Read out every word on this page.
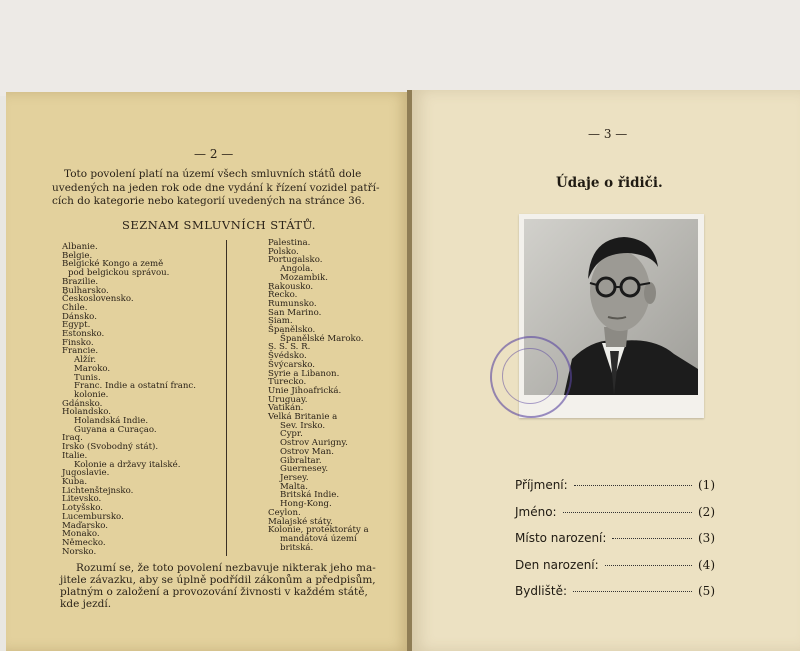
— 2 —
Toto povolení platí na území všech smluvních států dole
uvedených na jeden rok ode dne vydání k řízení vozidel patří-
cích do kategorie nebo kategorií uvedených na stránce 36.
SEZNAM SMLUVNÍCH STÁTŮ.
Albanie.
Belgie.
Belgické Kongo a země
pod belgickou správou.
Brazilie.
Bulharsko.
Československo.
Chile.
Dánsko.
Egypt.
Estonsko.
Finsko.
Francie.
Alžír.
Maroko.
Tunis.
Franc. Indie a ostatní franc.
kolonie.
Gdánsko.
Holandsko.
Holandská Indie.
Guyana a Curaçao.
Iraq.
Irsko (Svobodný stát).
Italie.
Kolonie a državy italské.
Jugoslavie.
Kuba.
Lichtenštejnsko.
Litevsko.
Lotyšsko.
Lucembursko.
Maďarsko.
Monako.
Německo.
Norsko.
Palestina.
Polsko.
Portugalsko.
Angola.
Mozambik.
Rakousko.
Řecko.
Rumunsko.
San Marino.
Siam.
Španělsko.
Španělské Maroko.
S. S. S. R.
Švédsko.
Švýcarsko.
Syrie a Libanon.
Turecko.
Unie Jihoafrická.
Uruguay.
Vatikán.
Velká Britanie a
Sev. Irsko.
Cypr.
Ostrov Aurigny.
Ostrov Man.
Gibraltar.
Guernesey.
Jersey.
Malta.
Britská Indie.
Hong-Kong.
Ceylon.
Malajské státy.
Kolonie, protektoráty a
mandátová území
britská.
Rozumí se, že toto povolení nezbavuje nikterak jeho ma-
jitele závazku, aby se úplně podřídil zákonům a předpisům,
platným o založení a provozování živnosti v každém státě,
kde jezdí.
— 3 —
Údaje o řidiči.
Příjmení:	(1)
Jméno:	(2)
Místo narození:	(3)
Den narození:	(4)
Bydliště:	(5)
